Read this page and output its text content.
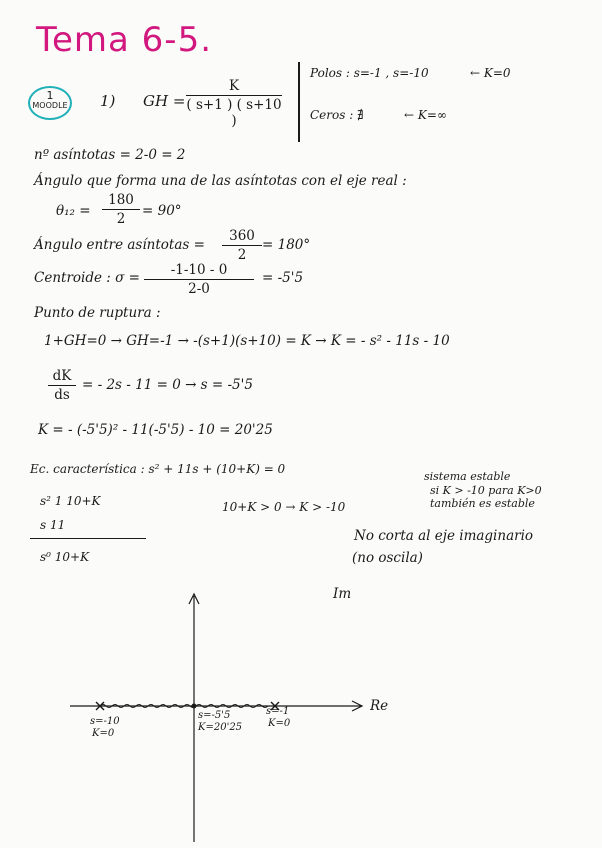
Tema 6-5.
1
MOODLE 1) GH = $\frac{K}{( s+1 ) ( s+10 )}$
Polos : s=-1 , s=-10	← K=0
Ceros : ∄	← K=∞
nº asíntotas = 2-0 = 2
Ángulo que forma una de las asíntotas con el eje real :
$\theta_{12} = \frac{180}{2} = 90^\circ$
Ángulo entre asíntotas = $\frac{360}{2} = 180^\circ$
Centroide : $\sigma = \frac{-1-10 - 0}{2-0} = -5'5$
Punto de ruptura :
1+GH=0 → GH=-1 → -(s+1)(s+10) = K → K = - s² - 11s - 10
$\frac{dK}{ds}$ = - 2s - 11 = 0 → s = -5'5
K = - (-5'5)² - 11(-5'5) - 10 = 20'25
Ec. característica : s² + 11s + (10+K) = 0
s² 1 10+K
s 11
s⁰ 10+K
10+K > 0 → K > -10
sistema estable
si K > -10 para K>0
también es estable
No corta al eje imaginario
(no oscila)
Im
Re
s=-10
K=0
s=-5'5
K=20'25
s=-1
K=0
